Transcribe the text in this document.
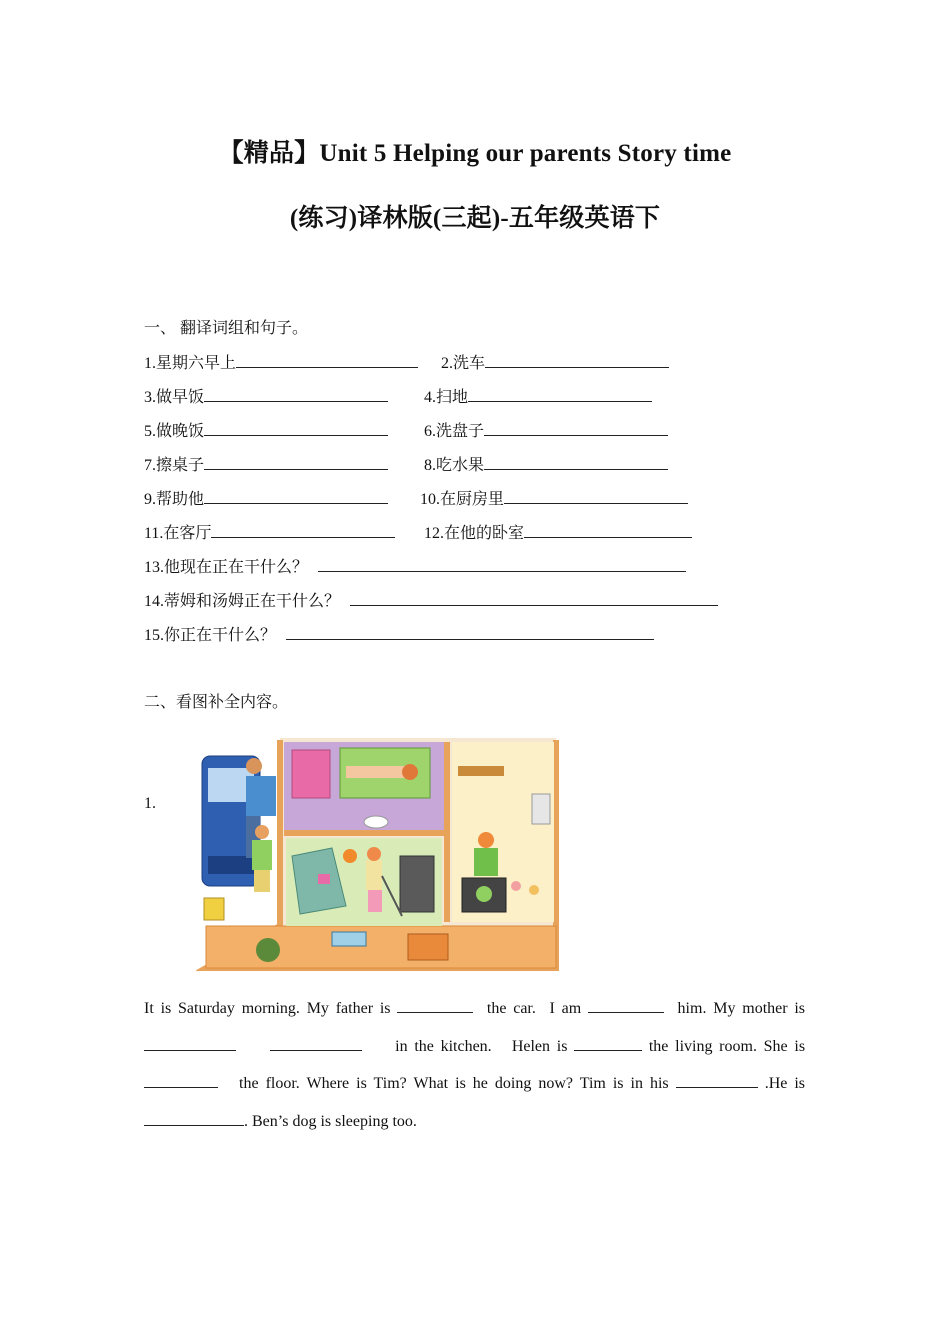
【精品】Unit 5 Helping our parents Story time
(练习)译林版(三起)-五年级英语下
一、 翻译词组和句子。
1.星期六早上	2.洗车
3.做早饭	4.扫地
5.做晚饭	6.洗盘子
7.擦桌子	8.吃水果
9.帮助他	10.在厨房里
11.在客厅	12.在他的卧室
13.他现在正在干什么？
14.蒂姆和汤姆正在干什么？
15.你正在干什么？
二、看图补全内容。
1.
It is Saturday morning. My father is	the car. I am	him. My mother is           in the kitchen. Helen is	the living room. She is    the floor. Where is Tim? What is he doing now? Tim is in his	.He is . Ben’s dog is sleeping too.
